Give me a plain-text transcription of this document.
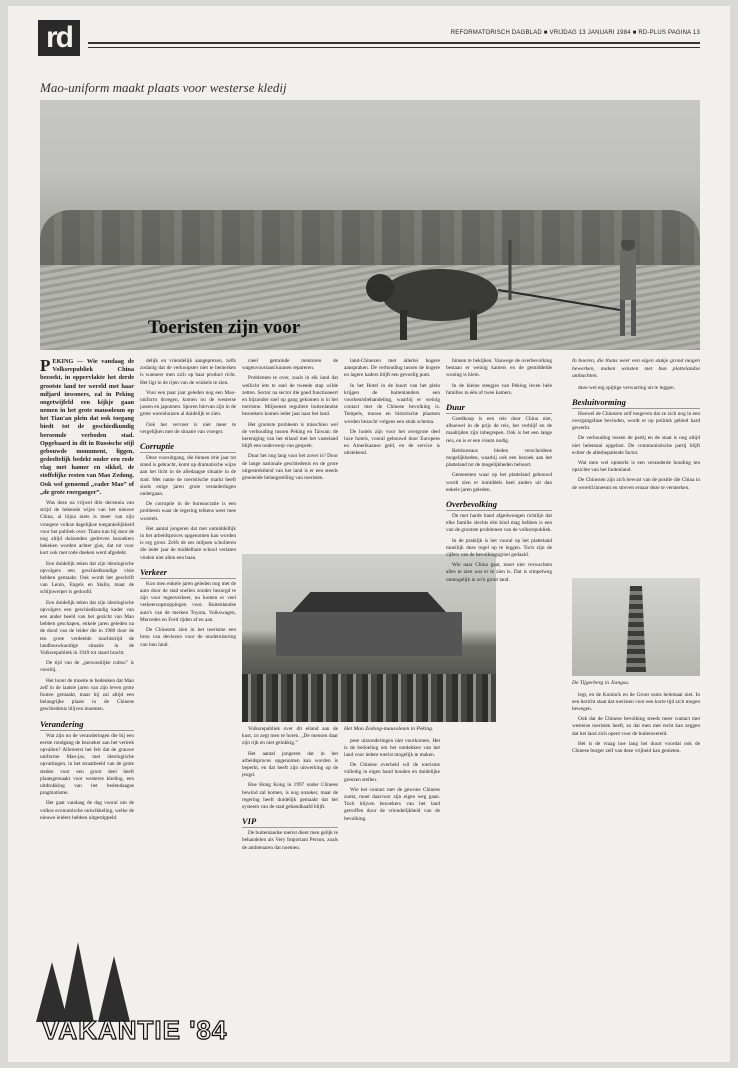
rd	REFORMATORISCH DAGBLAD ■ VRIJDAG 13 JANUARI 1984 ■ RD-PLUS PAGINA 13
Mao-uniform maakt plaats voor westerse kledij
Toeristen zijn voor

PEKING — Wie vandaag de Volksrepubliek China bezoekt, in oppervlakte het derde grootste land ter wereld met haar miljard inwoners, zal in Peking ongetwijfeld een kijkje gaan nemen in het grote mausoleum op het Tian'an plein dat ook toegang biedt tot de geschiedkundig beroemde verboden stad. Opgebaard in dit in Russische stijl gebouwde monument, liggen, gedeeltelijk bedekt onder een rode vlag met hamer en sikkel, de stoffelijke resten van Mao Zedong. Ook wel genoemd „vader Mao” of „de grote roerganger”.

Was deze na vrijwel drie decennia van strijd de bekende wijze van het nieuwe China, al bijna niets is meer van zijn vroegere volkse dagelijkse toegankelijkheid voor het publiek over. Thans kan hij door de nog altijd duizenden gedreven bezoekers bekeken worden achter glas, dat tot voor kort ook met rode doeken werd afgedekt.

Een duidelijk teken dat zijn ideologische opvolgers een geschiedkundige visie hebben gemaakt. Ook wordt het geschrift van Lenin, Engels en Stalin, maar de schijnwerper is gedoofd.

Een duidelijk teken dat zijn ideologische opvolgers een geschiedkundig kader van een ander beeld van het gezicht van Mao hebben geschapen, enkele jaren geleden na de dood van de leider die in 1980 door de ten grote verdeelde machtstrijd de landbouwkundige situatie in de Volksrepubliek in 1949 tot stand bracht.

De tijd van de „persoonlijke cultus” is voorbij.

Het loont de moeite te bedenken dat Mao zelf in de laatste jaren van zijn leven grote fouten gemaakt, maar hij zal altijd een belangrijke plaats in de Chinese geschiedenis blijven innemen.

Verandering

Wat zijn nu de veranderingen die bij een eerste rondgang de bezoeker aan het vertrek opvallen? Allereerst het feit dat de grauwe uniforme Mao-jas, met ideologische opvattingen, in het straatbeeld van de grote steden voor een groot deel heeft plaatsgemaakt voor westerse kleding, een uitdrukking van het hedendaagse pragmatisme.

Het gaat vandaag de dag vooral om de volkse economische ontwikkeling, welke de nieuwe leiders hebben uitgestippeld.

VAKANTIE '84

delijk en vriendelijk aangeprezen, zelfs zodanig dat de verkoopster niet te bemerken is wanneer men zich op haar product richt. Het ligt in de rijen van de winkels te zien.

Voor een paar jaar geleden nog een Mao-uniform droegen, komen nu de westerse jassen en japonnen. Sporen hiervan zijn in de grote warenhuizen al duidelijk te zien.

Ook het vervoer is niet meer te vergelijken met de situatie van vroeger.

Corruptie

Deze vooruitgang, die binnen drie jaar tot stand is gebracht, komt op dramatische wijze aan het licht in de alledaagse situatie in de stad. Met name de toeristische markt heeft sinds enige jaren grote veranderingen ondergaan.

De corruptie in de bureaucratie is een probleem waar de regering telkens weer mee worstelt.

Het aantal jongeren dat met onmiddellijk in het arbeidsproces opgenomen kan worden is erg groot. Zelfs de zes miljoen scholieren die ieder jaar de middelbare school verlaten vinden niet allen een baan.

Verkeer

Kon men enkele jaren geleden nog met de auto door de stad snellen zonder bezorgd te zijn voor tegenverkeer, nu komen er veel verkeersopstoppingen voor. Buitenlandse auto's van de merken Toyota, Volkswagen, Mercedes en Ford rijden af en aan.

De Chinezen zien in het toerisme een bron van deviezen voor de modernisering van hun land.

cieel getrainde mentoren de wagenvoorraad kunnen repareren.

Problemen te over, zoals in elk land dat wellicht iets te snel de tweede stap wilde zetten. Sector na sector die goed functioneert en bijzonder snel op gang gekomen is in het toerisme. Miljoenen reguliere buitenlandse bezoekers komen ieder jaar naar het land.

Het grootste probleem is misschien wel de verhouding tussen Peking en Taiwan: de hereniging van het eiland met het vasteland blijft een onderwerp van gesprek.

Duur het nog lang voor het zover is? Door de lange nationale geschiedenis en de grote uitgestrektheid van het land is er een steeds groeiende belangstelling van toeristen.

land-Chinezen met allerlei hogere aanspraken. De verhouding tussen de hogere en lagere kaders blijft een gevoelig punt.

In het Hotel in de buurt van het plein krijgen de buitenlanders een voorkeursbehandeling, waarbij er weinig contact met de Chinese bevolking is. Tempels, musea en historische plaatsen worden bezocht volgens een strak schema.

De hotels zijn voor het overgrote deel luxe hotels, vooral gebouwd door Europees en Amerikaanse geld, en de service is uitstekend.

Volksrepubliek over dit eiland aan de kust, zo zegt men te horen. „De mensen daar zijn rijk en niet gelukkig.”

Het aantal jongeren dat in het arbeidsproces opgenomen kan worden is beperkt, en dat heeft zijn uitwerking op de jeugd.

Hoe Hong Kong in 1997 onder Chinees bewind zal komen, is nog onzeker, maar de regering heeft duidelijk gemaakt dat het systeem van de stad gehandhaafd blijft.

VIP

De buitenlandse toerist dient men gelijk te behandelen als Very Important Person, zoals de ambtenaren dat noemen.

Het Mao Zedong-mausoleum in Peking.

pese uitzonderingen niet voorkomen. Het is de bedoeling om het ontdekken van het land voor iedere toerist mogelijk te maken.

De Chinese overheid wil de toerisme volledig in eigen hand houden en duidelijke grenzen stellen.

Wie het contact met de gewone Chinees zoekt, moet daarvoor zijn eigen weg gaan. Toch blijven bezoekers van het land getroffen door de vriendelijkheid van de bevolking.

binnen te bekijken. Vanwege de overbevolking bestaan er weinig kamers en de gemiddelde woning is klein.

In de kleine steegjes van Peking leven hele families in één of twee kamers.

Duur

Goedkoop is een reis door China niet, alhoewel in de prijs de reis, het verblijf en de maaltijden zijn inbegrepen. Ook is het een lange reis, en is er een visum nodig.

Reisbureaus bieden verscheidene mogelijkheden, waarbij ook een bezoek aan het platteland tot de mogelijkheden behoort.

Gemeenten waar op het platteland gebouwd wordt zien er inmiddels heel anders uit dan enkele jaren geleden.

Overbevolking

De met harde hand afgedwongen richtlijn dat elke familie slechts één kind mag hebben is een van de grootste problemen van de volksrepubliek.

In de praktijk is het vooral op het platteland moeilijk deze regel op te leggen. Toch zijn de cijfers van de bevolkingsgroei gedaald.

Wie naar China gaat, moet niet verwachten alles te zien wat er te zien is. Dat is simpelweg onmogelijk in zo'n groot land.

In boeren, die thans weer een eigen stukje grond mogen bewerken, maken winsten met hun plattelandse ambachten.

deze wel erg spijtige verwarring uit te leggen.

Besluitvorming

Hoewel de Chinezen zelf toegeven dat ze zich nog in een overgangsfase bevinden, wordt er op politiek gebied hard gewerkt.

De verhouding tussen de partij en de staat is nog altijd niet helemaal opgelost. De communistische partij blijft echter de allesbepalende factor.

Wat men wel opmerkt is een veranderde houding ten opzichte van het buitenland.

De Chinezen zijn zich bewust van de positie die China in de wereld inneemt en streven ernaar deze te versterken.

De Tijgerberg in Jiangsu.

legt, en de Koninck en de Groot soms helemaal niet. In een bericht staat dat toeristen voor een korte tijd zich mogen bewegen.

Ook dat de Chinese bevolking steeds meer contact met westerse toeristen heeft, zo dat men met recht kan zeggen dat het land zich opent voor de buitenwereld.

Het is de vraag hoe lang het duurt voordat ook de Chinese burger zelf van deze vrijheid kan genieten.
